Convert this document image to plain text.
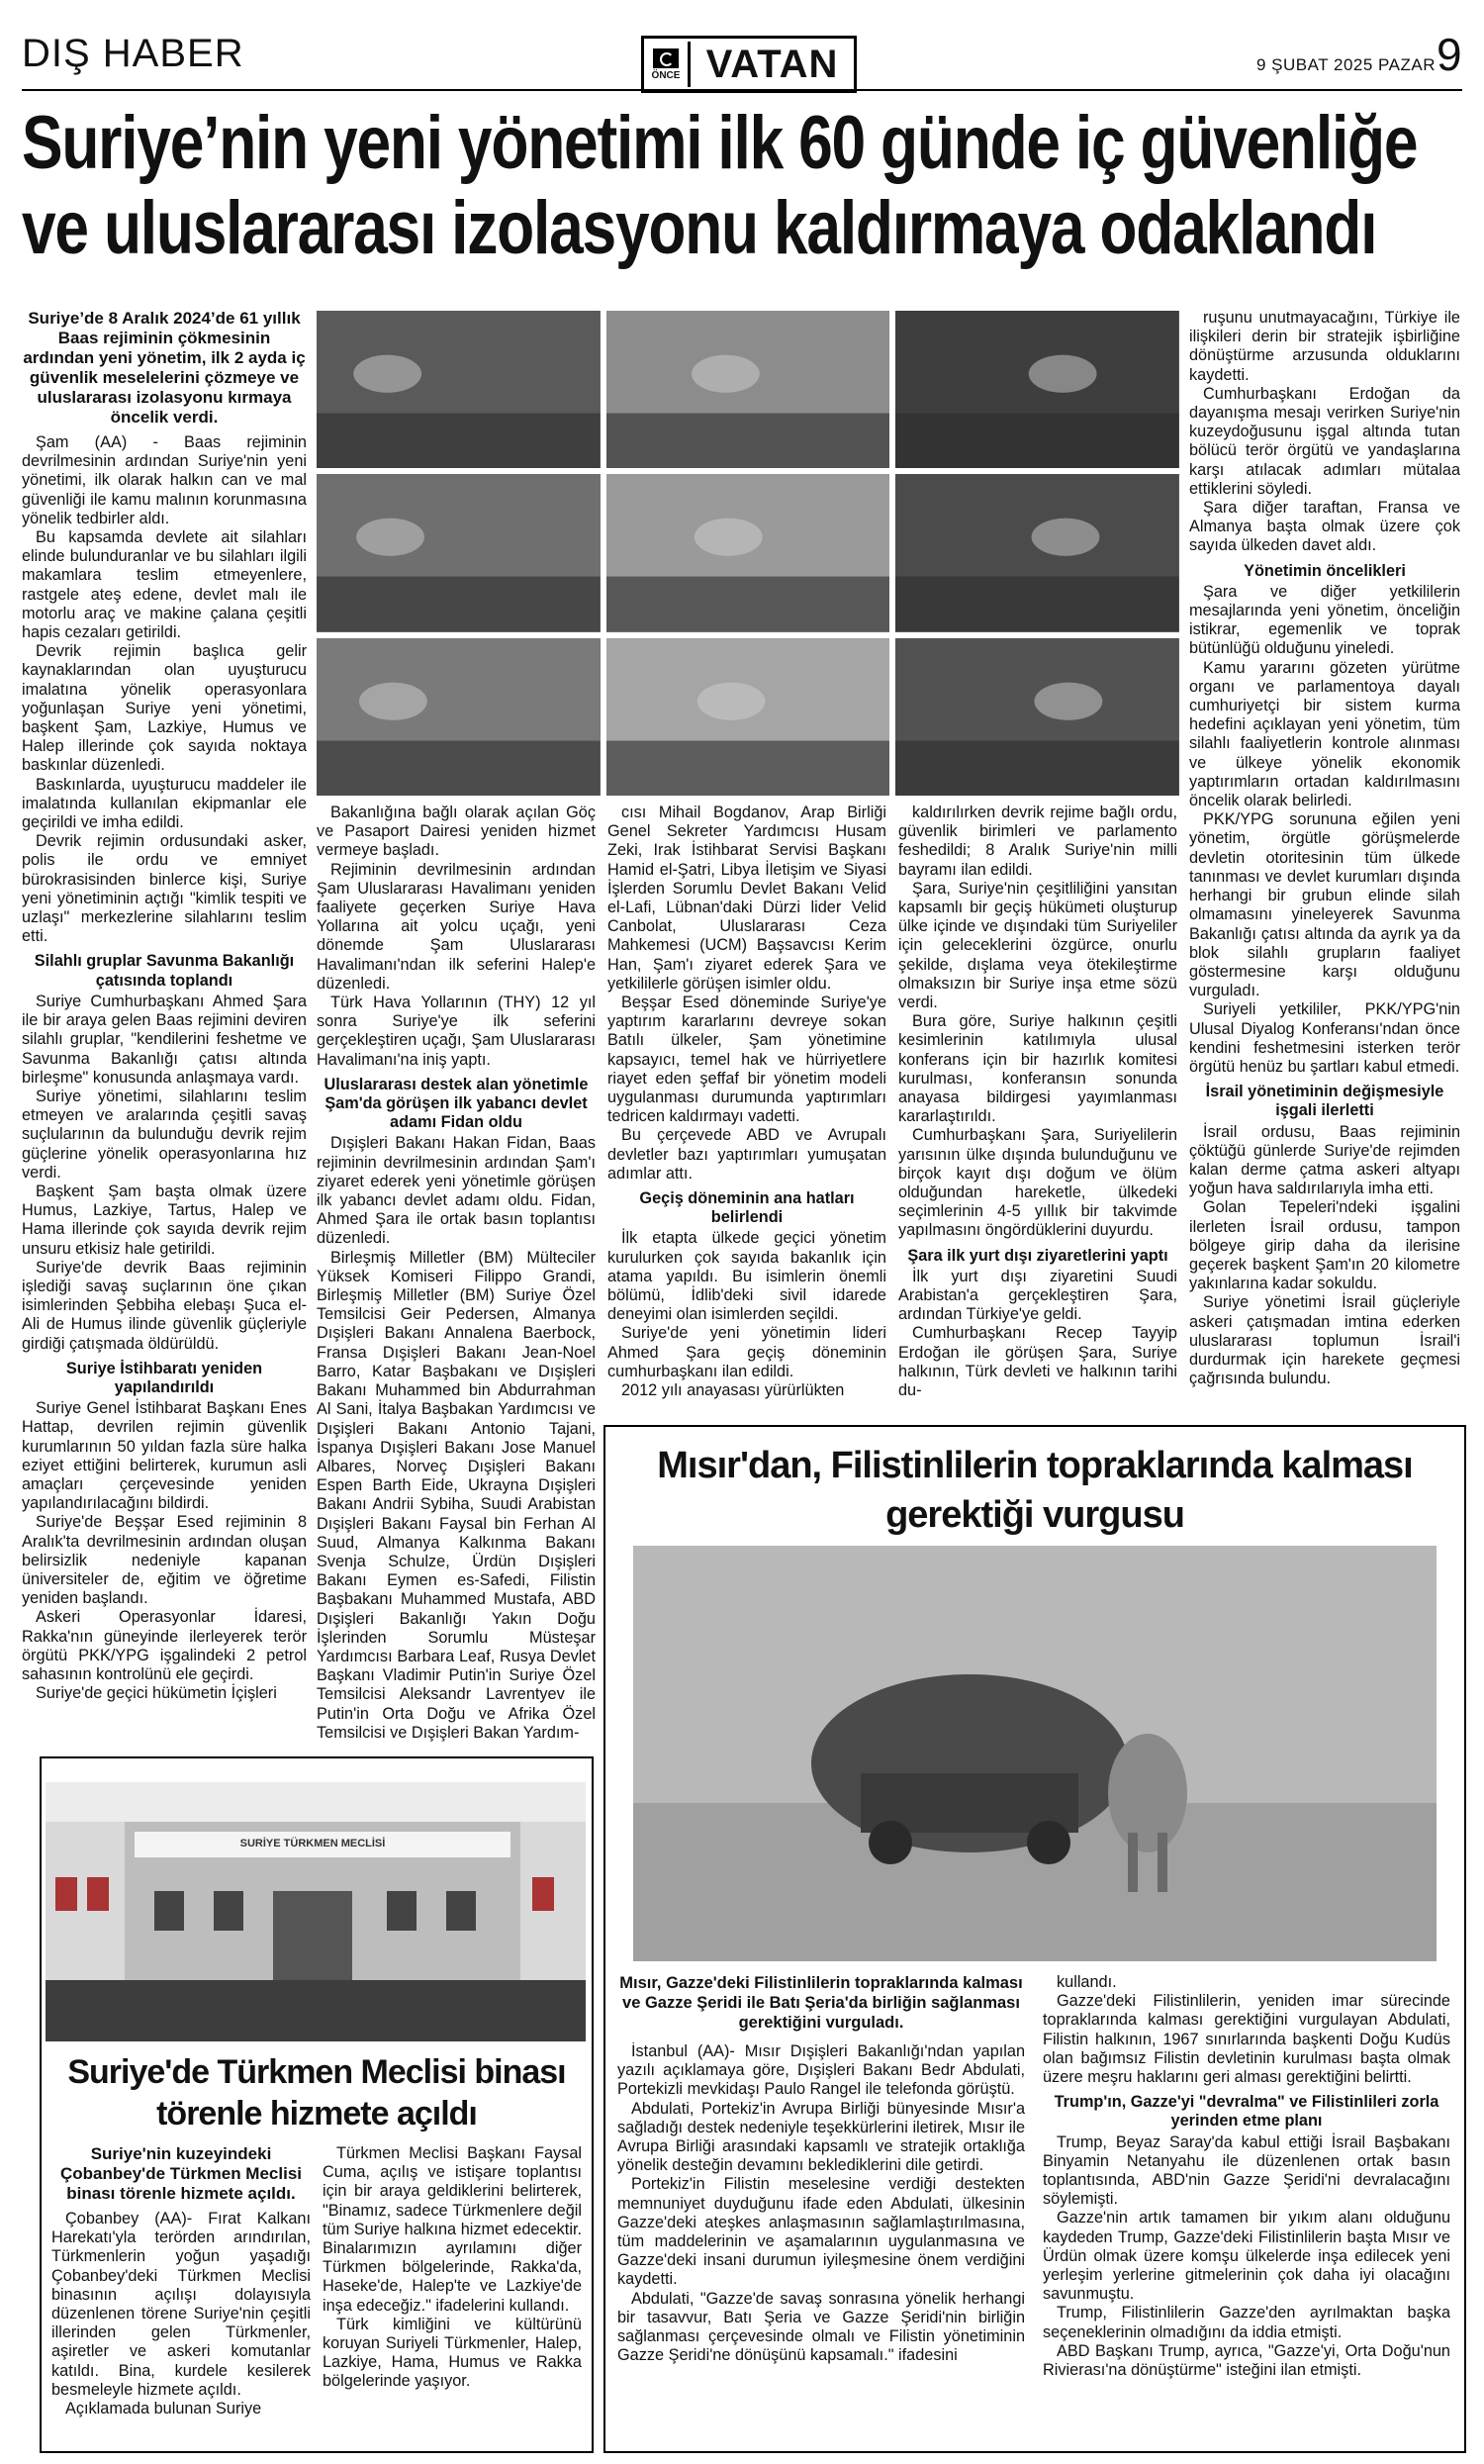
DIŞ HABER	ÖNCE VATAN	9 ŞUBAT 2025 PAZAR 9
Suriye’nin yeni yönetimi ilk 60 günde iç güvenliğe ve uluslararası izolasyonu kaldırmaya odaklandı

Suriye’de 8 Aralık 2024’de 61 yıllık Baas rejiminin çökmesinin ardından yeni yönetim, ilk 2 ayda iç güvenlik meselelerini çözmeye ve uluslararası izolasyonu kırmaya öncelik verdi.

Şam (AA) - Baas rejiminin devrilmesinin ardından Suriye'nin yeni yönetimi, ilk olarak halkın can ve mal güvenliği ile kamu malının korunmasına yönelik tedbirler aldı.

Bu kapsamda devlete ait silahları elinde bulunduranlar ve bu silahları ilgili makamlara teslim etmeyenlere, rastgele ateş edene, devlet malı ile motorlu araç ve makine çalana çeşitli hapis cezaları getirildi.

Devrik rejimin başlıca gelir kaynaklarından olan uyuşturucu imalatına yönelik operasyonlara yoğunlaşan Suriye yeni yönetimi, başkent Şam, Lazkiye, Humus ve Halep illerinde çok sayıda noktaya baskınlar düzenledi.

Baskınlarda, uyuşturucu maddeler ile imalatında kullanılan ekipmanlar ele geçirildi ve imha edildi.

Devrik rejimin ordusundaki asker, polis ile ordu ve emniyet bürokrasisinden binlerce kişi, Suriye yeni yönetiminin açtığı "kimlik tespiti ve uzlaşı" merkezlerine silahlarını teslim etti.

Silahlı gruplar Savunma Bakanlığı çatısında toplandı

Suriye Cumhurbaşkanı Ahmed Şara ile bir araya gelen Baas rejimini deviren silahlı gruplar, "kendilerini feshetme ve Savunma Bakanlığı çatısı altında birleşme" konusunda anlaşmaya vardı.

Suriye yönetimi, silahlarını teslim etmeyen ve aralarında çeşitli savaş suçlularının da bulunduğu devrik rejim güçlerine yönelik operasyonlarına hız verdi.

Başkent Şam başta olmak üzere Humus, Lazkiye, Tartus, Halep ve Hama illerinde çok sayıda devrik rejim unsuru etkisiz hale getirildi.

Suriye'de devrik Baas rejiminin işlediği savaş suçlarının öne çıkan isimlerinden Şebbiha elebaşı Şuca el-Ali de Humus ilinde güvenlik güçleriyle girdiği çatışmada öldürüldü.

Suriye İstihbaratı yeniden yapılandırıldı

Suriye Genel İstihbarat Başkanı Enes Hattap, devrilen rejimin güvenlik kurumlarının 50 yıldan fazla süre halka eziyet ettiğini belirterek, kurumun asli amaçları çerçevesinde yeniden yapılandırılacağını bildirdi.

Suriye'de Beşşar Esed rejiminin 8 Aralık'ta devrilmesinin ardından oluşan belirsizlik nedeniyle kapanan üniversiteler de, eğitim ve öğretime yeniden başlandı.

Askeri Operasyonlar İdaresi, Rakka'nın güneyinde ilerleyerek terör örgütü PKK/YPG işgalindeki 2 petrol sahasının kontrolünü ele geçirdi.

Suriye'de geçici hükümetin İçişleri

Bakanlığına bağlı olarak açılan Göç ve Pasaport Dairesi yeniden hizmet vermeye başladı.

Rejiminin devrilmesinin ardından Şam Uluslararası Havalimanı yeniden faaliyete geçerken Suriye Hava Yollarına ait yolcu uçağı, yeni dönemde Şam Uluslararası Havalimanı'ndan ilk seferini Halep'e düzenledi.

Türk Hava Yollarının (THY) 12 yıl sonra Suriye'ye ilk seferini gerçekleştiren uçağı, Şam Uluslararası Havalimanı'na iniş yaptı.

Uluslararası destek alan yönetimle Şam'da görüşen ilk yabancı devlet adamı Fidan oldu

Dışişleri Bakanı Hakan Fidan, Baas rejiminin devrilmesinin ardından Şam'ı ziyaret ederek yeni yönetimle görüşen ilk yabancı devlet adamı oldu. Fidan, Ahmed Şara ile ortak basın toplantısı düzenledi.

Birleşmiş Milletler (BM) Mülteciler Yüksek Komiseri Filippo Grandi, Birleşmiş Milletler (BM) Suriye Özel Temsilcisi Geir Pedersen, Almanya Dışişleri Bakanı Annalena Baerbock, Fransa Dışişleri Bakanı Jean-Noel Barro, Katar Başbakanı ve Dışişleri Bakanı Muhammed bin Abdurrahman Al Sani, İtalya Başbakan Yardımcısı ve Dışişleri Bakanı Antonio Tajani, İspanya Dışişleri Bakanı Jose Manuel Albares, Norveç Dışişleri Bakanı Espen Barth Eide, Ukrayna Dışişleri Bakanı Andrii Sybiha, Suudi Arabistan Dışişleri Bakanı Faysal bin Ferhan Al Suud, Almanya Kalkınma Bakanı Svenja Schulze, Ürdün Dışişleri Bakanı Eymen es-Safedi, Filistin Başbakanı Muhammed Mustafa, ABD Dışişleri Bakanlığı Yakın Doğu İşlerinden Sorumlu Müsteşar Yardımcısı Barbara Leaf, Rusya Devlet Başkanı Vladimir Putin'in Suriye Özel Temsilcisi Aleksandr Lavrentyev ile Putin'in Orta Doğu ve Afrika Özel Temsilcisi ve Dışişleri Bakan Yardım-

cısı Mihail Bogdanov, Arap Birliği Genel Sekreter Yardımcısı Husam Zeki, Irak İstihbarat Servisi Başkanı Hamid el-Şatri, Libya İletişim ve Siyasi İşlerden Sorumlu Devlet Bakanı Velid el-Lafi, Lübnan'daki Dürzi lider Velid Canbolat, Uluslararası Ceza Mahkemesi (UCM) Başsavcısı Kerim Han, Şam'ı ziyaret ederek Şara ve yetkililerle görüşen isimler oldu.

Beşşar Esed döneminde Suriye'ye yaptırım kararlarını devreye sokan Batılı ülkeler, Şam yönetimine kapsayıcı, temel hak ve hürriyetlere riayet eden şeffaf bir yönetim modeli uygulanması durumunda yaptırımları tedricen kaldırmayı vadetti.

Bu çerçevede ABD ve Avrupalı devletler bazı yaptırımları yumuşatan adımlar attı.

Geçiş döneminin ana hatları belirlendi

İlk etapta ülkede geçici yönetim kurulurken çok sayıda bakanlık için atama yapıldı. Bu isimlerin önemli bölümü, İdlib'deki sivil idarede deneyimi olan isimlerden seçildi.

Suriye'de yeni yönetimin lideri Ahmed Şara geçiş döneminin cumhurbaşkanı ilan edildi.

2012 yılı anayasası yürürlükten

kaldırılırken devrik rejime bağlı ordu, güvenlik birimleri ve parlamento feshedildi; 8 Aralık Suriye'nin milli bayramı ilan edildi.

Şara, Suriye'nin çeşitliliğini yansıtan kapsamlı bir geçiş hükümeti oluşturup ülke içinde ve dışındaki tüm Suriyeliler için geleceklerini özgürce, onurlu şekilde, dışlama veya ötekileştirme olmaksızın bir Suriye inşa etme sözü verdi.

Bura göre, Suriye halkının çeşitli kesimlerinin katılımıyla ulusal konferans için bir hazırlık komitesi kurulması, konferansın sonunda anayasa bildirgesi yayımlanması kararlaştırıldı.

Cumhurbaşkanı Şara, Suriyelilerin yarısının ülke dışında bulunduğunu ve birçok kayıt dışı doğum ve ölüm olduğundan hareketle, ülkedeki seçimlerinin 4-5 yıllık bir takvimde yapılmasını öngördüklerini duyurdu.

Şara ilk yurt dışı ziyaretlerini yaptı

İlk yurt dışı ziyaretini Suudi Arabistan'a gerçekleştiren Şara, ardından Türkiye'ye geldi.

Cumhurbaşkanı Recep Tayyip Erdoğan ile görüşen Şara, Suriye halkının, Türk devleti ve halkının tarihi du-

ruşunu unutmayacağını, Türkiye ile ilişkileri derin bir stratejik işbirliğine dönüştürme arzusunda olduklarını kaydetti.

Cumhurbaşkanı Erdoğan da dayanışma mesajı verirken Suriye'nin kuzeydoğusunu işgal altında tutan bölücü terör örgütü ve yandaşlarına karşı atılacak adımları mütalaa ettiklerini söyledi.

Şara diğer taraftan, Fransa ve Almanya başta olmak üzere çok sayıda ülkeden davet aldı.

Yönetimin öncelikleri

Şara ve diğer yetkililerin mesajlarında yeni yönetim, önceliğin istikrar, egemenlik ve toprak bütünlüğü olduğunu yineledi.

Kamu yararını gözeten yürütme organı ve parlamentoya dayalı cumhuriyetçi bir sistem kurma hedefini açıklayan yeni yönetim, tüm silahlı faaliyetlerin kontrole alınması ve ülkeye yönelik ekonomik yaptırımların ortadan kaldırılmasını öncelik olarak belirledi.

PKK/YPG sorununa eğilen yeni yönetim, örgütle görüşmelerde devletin otoritesinin tüm ülkede tanınması ve devlet kurumları dışında herhangi bir grubun elinde silah olmamasını yineleyerek Savunma Bakanlığı çatısı altında da ayrık ya da blok silahlı grupların faaliyet göstermesine karşı olduğunu vurguladı.

Suriyeli yetkililer, PKK/YPG'nin Ulusal Diyalog Konferansı'ndan önce kendini feshetmesini isterken terör örgütü henüz bu şartları kabul etmedi.

İsrail yönetiminin değişmesiyle işgali ilerletti

İsrail ordusu, Baas rejiminin çöktüğü günlerde Suriye'de rejimden kalan derme çatma askeri altyapı yoğun hava saldırılarıyla imha etti.

Golan Tepeleri'ndeki işgalini ilerleten İsrail ordusu, tampon bölgeye girip daha da ilerisine geçerek başkent Şam'ın 20 kilometre yakınlarına kadar sokuldu.

Suriye yönetimi İsrail güçleriyle askeri çatışmadan imtina ederken uluslararası toplumun İsrail'i durdurmak için harekete geçmesi çağrısında bulundu.

SURİYE TÜRKMEN MECLİSİ
Suriye'de Türkmen Meclisi binası törenle hizmete açıldı

Suriye'nin kuzeyindeki Çobanbey'de Türkmen Meclisi binası törenle hizmete açıldı.

Çobanbey (AA)- Fırat Kalkanı Harekatı'yla terörden arındırılan, Türkmenlerin yoğun yaşadığı Çobanbey'deki Türkmen Meclisi binasının açılışı dolayısıyla düzenlenen törene Suriye'nin çeşitli illerinden gelen Türkmenler, aşiretler ve askeri komutanlar katıldı. Bina, kurdele kesilerek besmeleyle hizmete açıldı.

Açıklamada bulunan Suriye

Türkmen Meclisi Başkanı Faysal Cuma, açılış ve istişare toplantısı için bir araya geldiklerini belirterek, "Binamız, sadece Türkmenlere değil tüm Suriye halkına hizmet edecektir. Binalarımızın ayrılamını diğer Türkmen bölgelerinde, Rakka'da, Haseke'de, Halep'te ve Lazkiye'de inşa edeceğiz." ifadelerini kullandı.

Türk kimliğini ve kültürünü koruyan Suriyeli Türkmenler, Halep, Lazkiye, Hama, Humus ve Rakka bölgelerinde yaşıyor.

Mısır'dan, Filistinlilerin topraklarında kalması gerektiği vurgusu
Mısır, Gazze'deki Filistinlilerin topraklarında kalması ve Gazze Şeridi ile Batı Şeria'da birliğin sağlanması gerektiğini vurguladı.

İstanbul (AA)- Mısır Dışişleri Bakanlığı'ndan yapılan yazılı açıklamaya göre, Dışişleri Bakanı Bedr Abdulati, Portekizli mevkidaşı Paulo Rangel ile telefonda görüştü.

Abdulati, Portekiz'in Avrupa Birliği bünyesinde Mısır'a sağladığı destek nedeniyle teşekkürlerini iletirek, Mısır ile Avrupa Birliği arasındaki kapsamlı ve stratejik ortaklığa yönelik desteğin devamını beklediklerini dile getirdi.

Portekiz'in Filistin meselesine verdiği destekten memnuniyet duyduğunu ifade eden Abdulati, ülkesinin Gazze'deki ateşkes anlaşmasının sağlamlaştırılmasına, tüm maddelerinin ve aşamalarının uygulanmasına ve Gazze'deki insani durumun iyileşmesine önem verdiğini kaydetti.

Abdulati, "Gazze'de savaş sonrasına yönelik herhangi bir tasavvur, Batı Şeria ve Gazze Şeridi'nin birliğin sağlanması çerçevesinde olmalı ve Filistin yönetiminin Gazze Şeridi'ne dönüşünü kapsamalı." ifadesini

kullandı.

Gazze'deki Filistinlilerin, yeniden imar sürecinde topraklarında kalması gerektiğini vurgulayan Abdulati, Filistin halkının, 1967 sınırlarında başkenti Doğu Kudüs olan bağımsız Filistin devletinin kurulması başta olmak üzere meşru haklarını geri alması gerektiğini belirtti.

Trump'ın, Gazze'yi "devralma" ve Filistinlileri zorla yerinden etme planı

Trump, Beyaz Saray'da kabul ettiği İsrail Başbakanı Binyamin Netanyahu ile düzenlenen ortak basın toplantısında, ABD'nin Gazze Şeridi'ni devralacağını söylemişti.

Gazze'nin artık tamamen bir yıkım alanı olduğunu kaydeden Trump, Gazze'deki Filistinlilerin başta Mısır ve Ürdün olmak üzere komşu ülkelerde inşa edilecek yeni yerleşim yerlerine gitmelerinin çok daha iyi olacağını savunmuştu.

Trump, Filistinlilerin Gazze'den ayrılmaktan başka seçeneklerinin olmadığını da iddia etmişti.

ABD Başkanı Trump, ayrıca, "Gazze'yi, Orta Doğu'nun Rivierası'na dönüştürme" isteğini ilan etmişti.
